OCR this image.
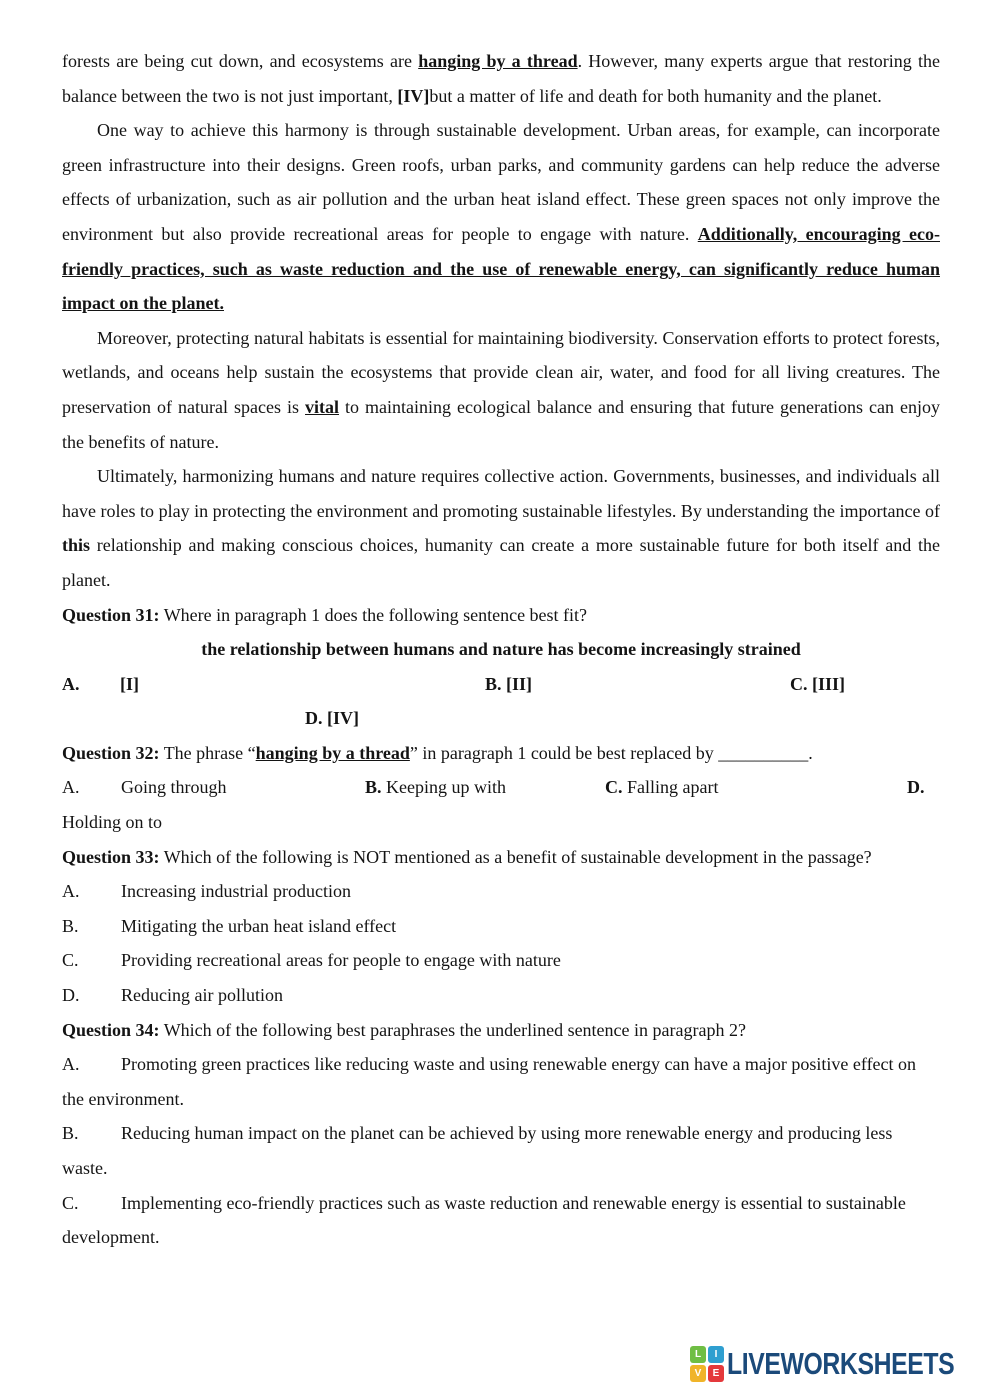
forests are being cut down, and ecosystems are hanging by a thread. However, many experts argue that restoring the balance between the two is not just important, [IV]but a matter of life and death for both humanity and the planet.

One way to achieve this harmony is through sustainable development. Urban areas, for example, can incorporate green infrastructure into their designs. Green roofs, urban parks, and community gardens can help reduce the adverse effects of urbanization, such as air pollution and the urban heat island effect. These green spaces not only improve the environment but also provide recreational areas for people to engage with nature. Additionally, encouraging eco-friendly practices, such as waste reduction and the use of renewable energy, can significantly reduce human impact on the planet.

Moreover, protecting natural habitats is essential for maintaining biodiversity. Conservation efforts to protect forests, wetlands, and oceans help sustain the ecosystems that provide clean air, water, and food for all living creatures. The preservation of natural spaces is vital to maintaining ecological balance and ensuring that future generations can enjoy the benefits of nature.

Ultimately, harmonizing humans and nature requires collective action. Governments, businesses, and individuals all have roles to play in protecting the environment and promoting sustainable lifestyles. By understanding the importance of this relationship and making conscious choices, humanity can create a more sustainable future for both itself and the planet.

Question 31: Where in paragraph 1 does the following sentence best fit?

the relationship between humans and nature has become increasingly strained

A. [I]	B. [II]	C. [III]
D. [IV]

Question 32: The phrase “hanging by a thread” in paragraph 1 could be best replaced by __________.

A. Going through	B. Keeping up with	C. Falling apart	D.

Holding on to

Question 33: Which of the following is NOT mentioned as a benefit of sustainable development in the passage?

A. Increasing industrial production

B. Mitigating the urban heat island effect

C. Providing recreational areas for people to engage with nature

D. Reducing air pollution

Question 34: Which of the following best paraphrases the underlined sentence in paragraph 2?

A. Promoting green practices like reducing waste and using renewable energy can have a major positive effect on the environment.

B. Reducing human impact on the planet can be achieved by using more renewable energy and producing less waste.

C. Implementing eco-friendly practices such as waste reduction and renewable energy is essential to sustainable development.

L	I
V	E LIVEWORKSHEETS
